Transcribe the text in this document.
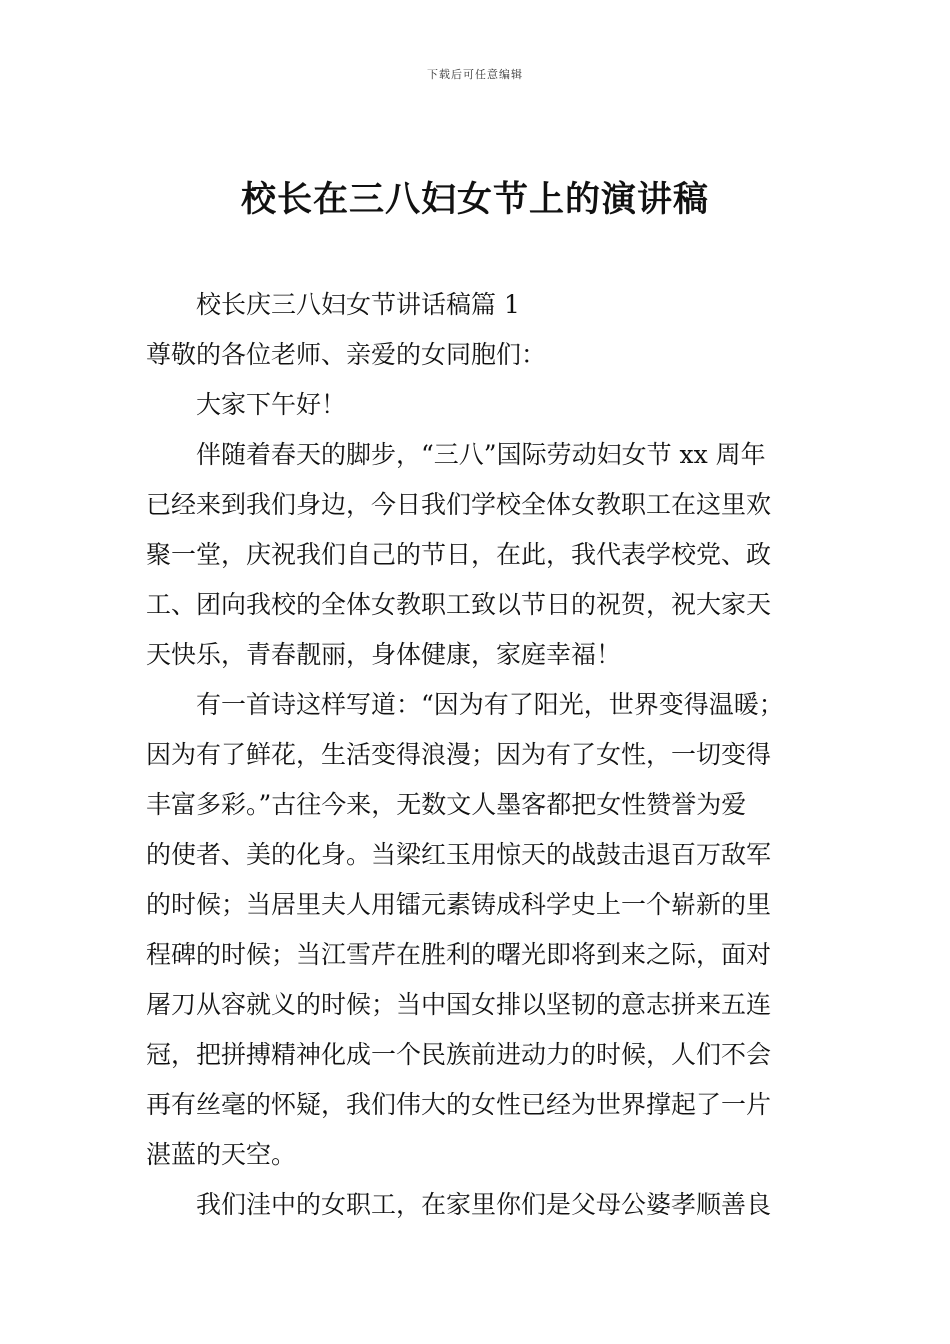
下载后可任意编辑
校长在三八妇女节上的演讲稿

校长庆三八妇女节讲话稿篇 1

尊敬的各位老师、亲爱的女同胞们：

大家下午好！

伴随着春天的脚步，“三八”国际劳动妇女节 xx 周年

已经来到我们身边，今日我们学校全体女教职工在这里欢

聚一堂，庆祝我们自己的节日，在此，我代表学校党、政

工、团向我校的全体女教职工致以节日的祝贺，祝大家天

天快乐，青春靓丽，身体健康，家庭幸福！

有一首诗这样写道：“因为有了阳光，世界变得温暖；

因为有了鲜花，生活变得浪漫；因为有了女性，一切变得

丰富多彩。”古往今来，无数文人墨客都把女性赞誉为爱

的使者、美的化身。当梁红玉用惊天的战鼓击退百万敌军

的时候；当居里夫人用镭元素铸成科学史上一个崭新的里

程碑的时候；当江雪芹在胜利的曙光即将到来之际，面对

屠刀从容就义的时候；当中国女排以坚韧的意志拼来五连

冠，把拼搏精神化成一个民族前进动力的时候，人们不会

再有丝毫的怀疑，我们伟大的女性已经为世界撑起了一片

湛蓝的天空。

我们洼中的女职工，在家里你们是父母公婆孝顺善良
